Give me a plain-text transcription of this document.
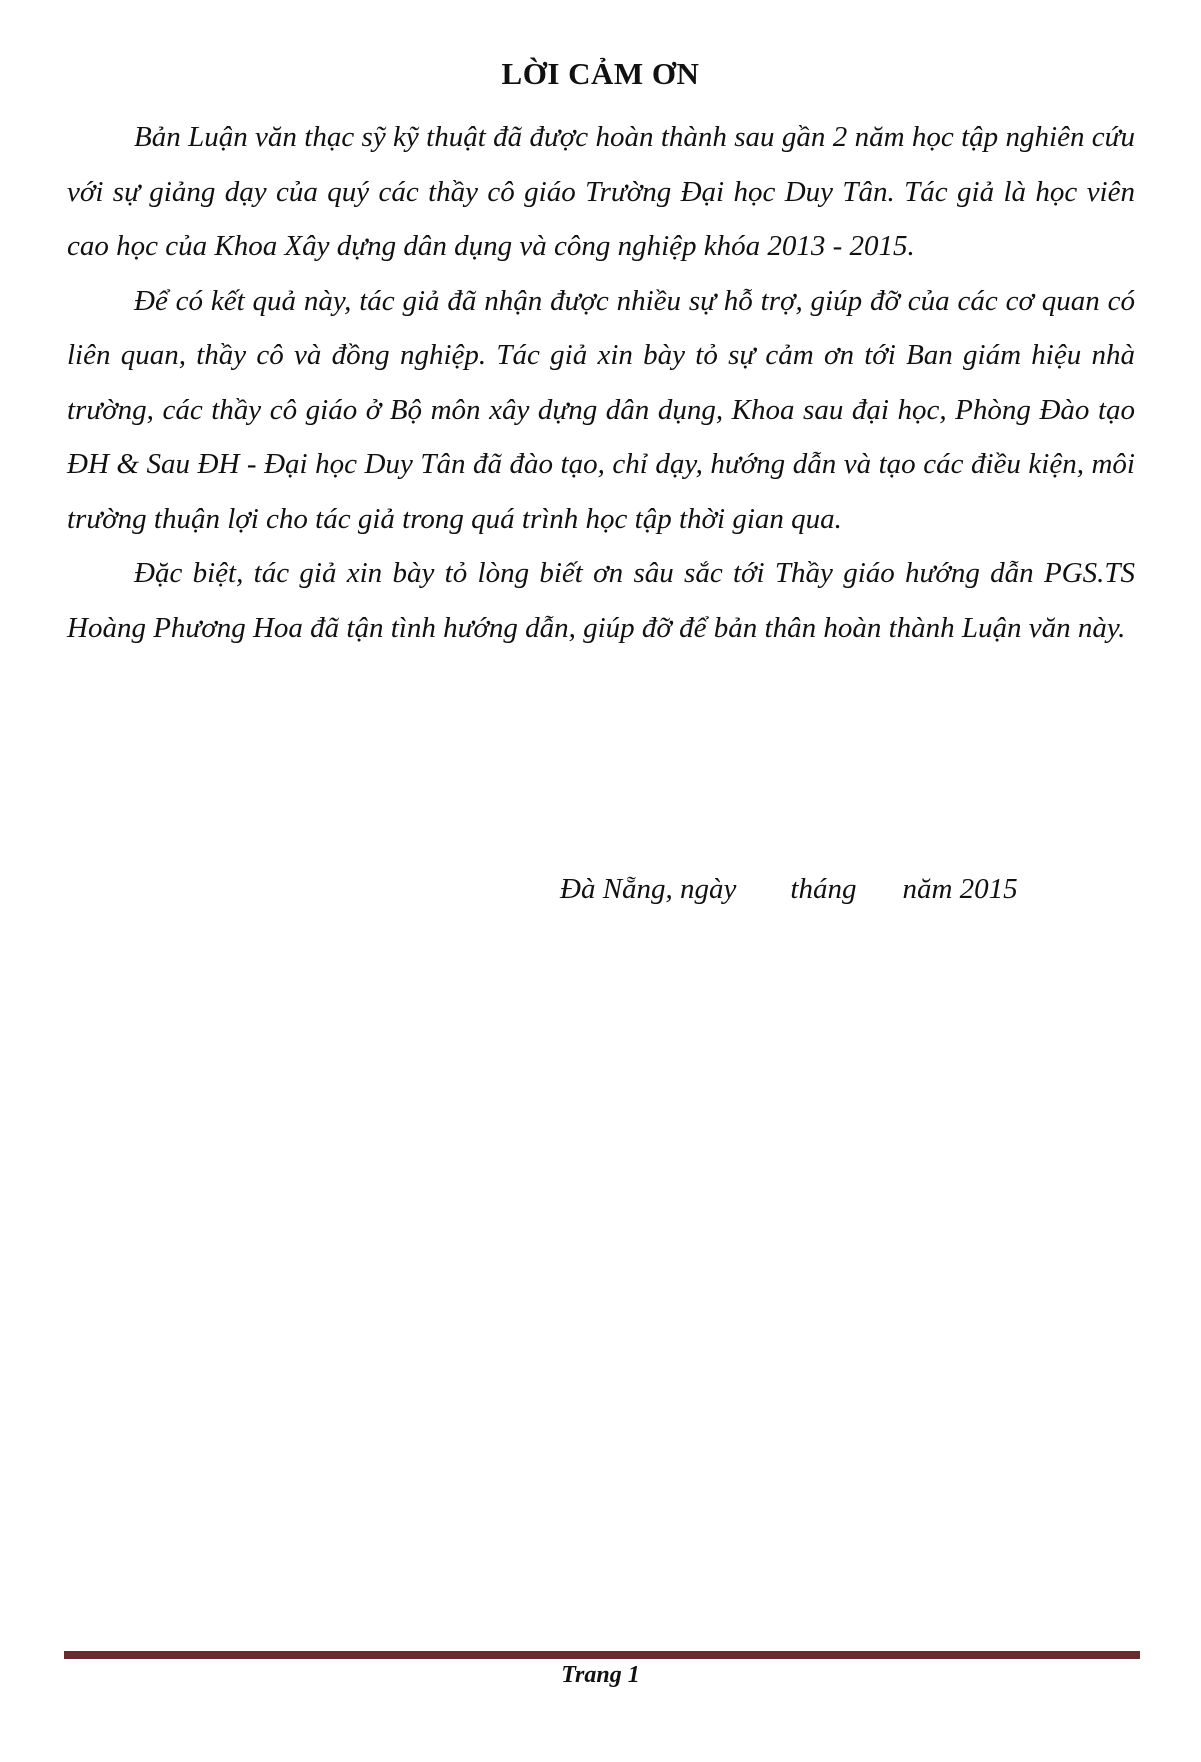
LỜI CẢM ƠN

Bản Luận văn thạc sỹ kỹ thuật đã được hoàn thành sau gần 2 năm học tập nghiên cứu với sự giảng dạy của quý các thầy cô giáo Trường Đại học Duy Tân. Tác giả là học viên cao học của Khoa Xây dựng dân dụng và công nghiệp khóa 2013 - 2015.

Để có kết quả này, tác giả đã nhận được nhiều sự hỗ trợ, giúp đỡ của các cơ quan có liên quan, thầy cô và đồng nghiệp. Tác giả xin bày tỏ sự cảm ơn tới Ban giám hiệu nhà trường, các thầy cô giáo ở Bộ môn xây dựng dân dụng, Khoa sau đại học, Phòng Đào tạo ĐH & Sau ĐH - Đại học Duy Tân đã đào tạo, chỉ dạy, hướng dẫn và tạo các điều kiện, môi trường thuận lợi cho tác giả trong quá trình học tập thời gian qua.

Đặc biệt, tác giả xin bày tỏ lòng biết ơn sâu sắc tới Thầy giáo hướng dẫn PGS.TS Hoàng Phương Hoa đã tận tình hướng dẫn, giúp đỡ để bản thân hoàn thành Luận văn này.

Đà Nẵng, ngày tháng năm 2015
Trang 1
